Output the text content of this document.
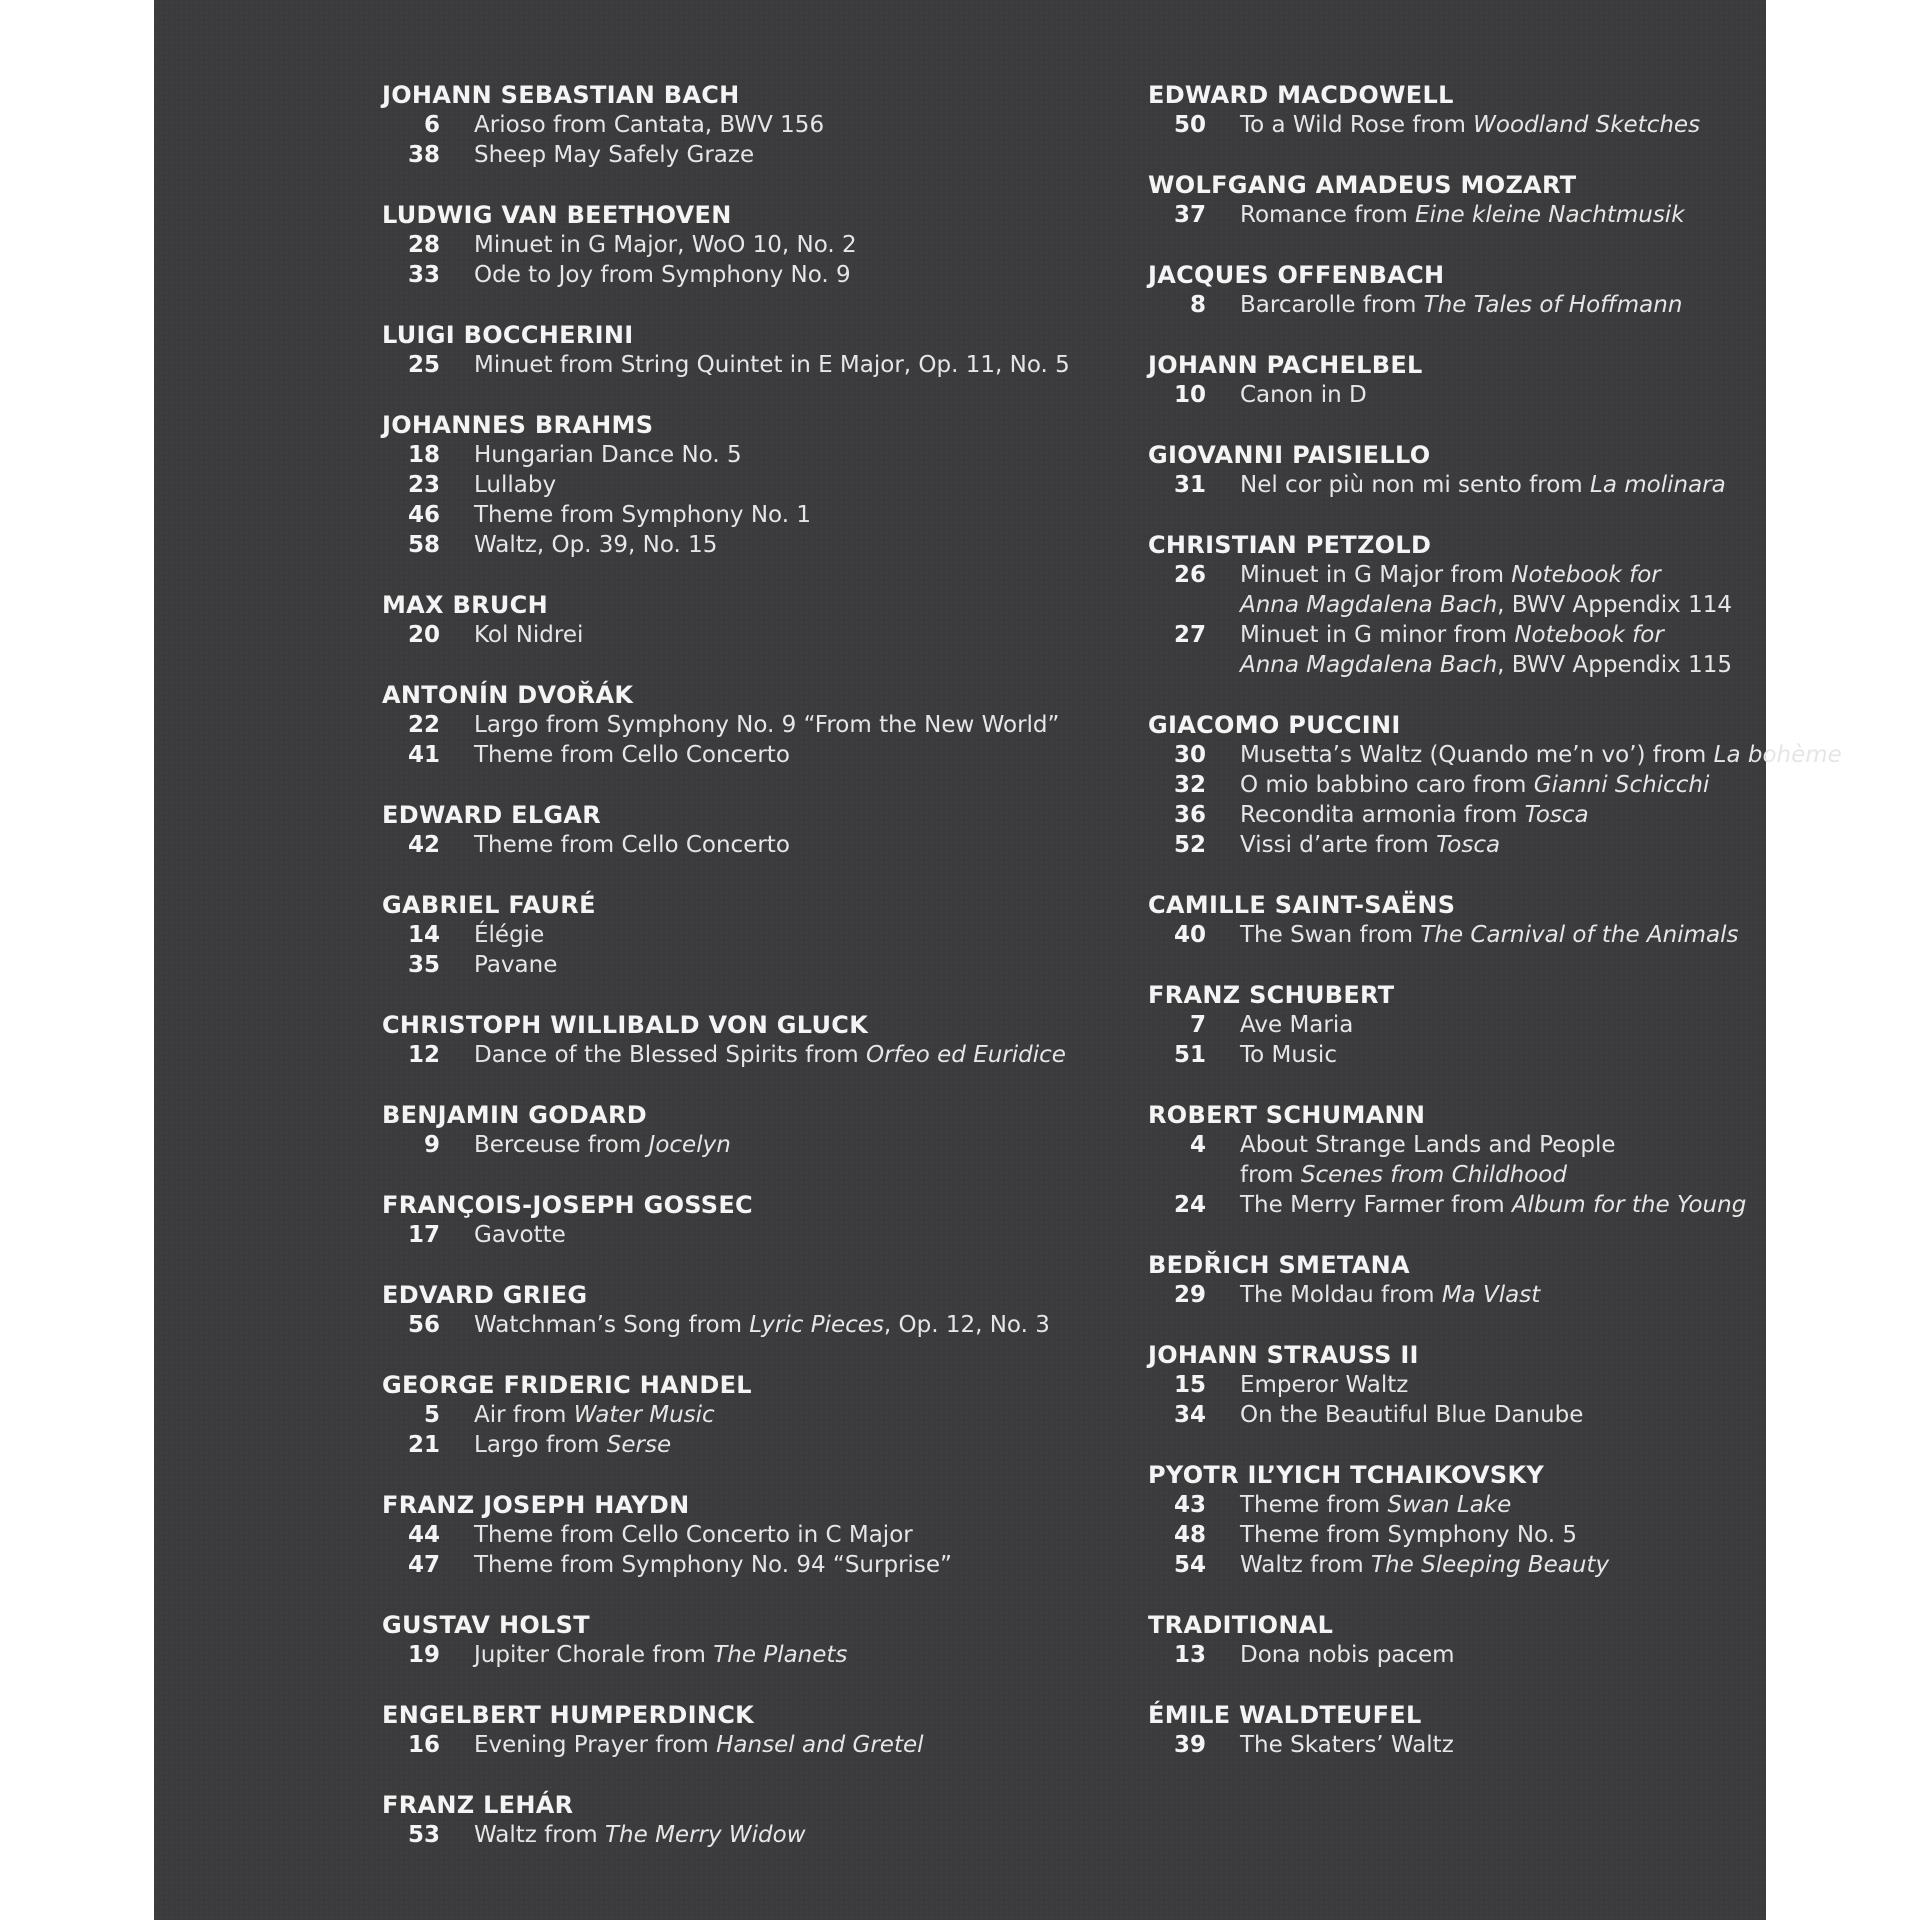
JOHANN SEBASTIAN BACH
6 Arioso from Cantata, BWV 156
38 Sheep May Safely Graze
LUDWIG VAN BEETHOVEN
28 Minuet in G Major, WoO 10, No. 2
33 Ode to Joy from Symphony No. 9
LUIGI BOCCHERINI
25 Minuet from String Quintet in E Major, Op. 11, No. 5
JOHANNES BRAHMS
18 Hungarian Dance No. 5
23 Lullaby
46 Theme from Symphony No. 1
58 Waltz, Op. 39, No. 15
MAX BRUCH
20 Kol Nidrei
ANTONÍN DVOŘÁK
22 Largo from Symphony No. 9 “From the New World”
41 Theme from Cello Concerto
EDWARD ELGAR
42 Theme from Cello Concerto
GABRIEL FAURÉ
14 Élégie
35 Pavane
CHRISTOPH WILLIBALD VON GLUCK
12 Dance of the Blessed Spirits from Orfeo ed Euridice
BENJAMIN GODARD
9 Berceuse from Jocelyn
FRANÇOIS-JOSEPH GOSSEC
17 Gavotte
EDVARD GRIEG
56 Watchman’s Song from Lyric Pieces, Op. 12, No. 3
GEORGE FRIDERIC HANDEL
5 Air from Water Music
21 Largo from Serse
FRANZ JOSEPH HAYDN
44 Theme from Cello Concerto in C Major
47 Theme from Symphony No. 94 “Surprise”
GUSTAV HOLST
19 Jupiter Chorale from The Planets
ENGELBERT HUMPERDINCK
16 Evening Prayer from Hansel and Gretel
FRANZ LEHÁR
53 Waltz from The Merry Widow
EDWARD MACDOWELL
50 To a Wild Rose from Woodland Sketches
WOLFGANG AMADEUS MOZART
37 Romance from Eine kleine Nachtmusik
JACQUES OFFENBACH
8 Barcarolle from The Tales of Hoffmann
JOHANN PACHELBEL
10 Canon in D
GIOVANNI PAISIELLO
31 Nel cor più non mi sento from La molinara
CHRISTIAN PETZOLD
26 Minuet in G Major from Notebook for
Anna Magdalena Bach, BWV Appendix 114
27 Minuet in G minor from Notebook for
Anna Magdalena Bach, BWV Appendix 115
GIACOMO PUCCINI
30 Musetta’s Waltz (Quando me’n vo’) from La bohème
32 O mio babbino caro from Gianni Schicchi
36 Recondita armonia from Tosca
52 Vissi d’arte from Tosca
CAMILLE SAINT-SAËNS
40 The Swan from The Carnival of the Animals
FRANZ SCHUBERT
7 Ave Maria
51 To Music
ROBERT SCHUMANN
4 About Strange Lands and People
from Scenes from Childhood
24 The Merry Farmer from Album for the Young
BEDŘICH SMETANA
29 The Moldau from Ma Vlast
JOHANN STRAUSS II
15 Emperor Waltz
34 On the Beautiful Blue Danube
PYOTR IL’YICH TCHAIKOVSKY
43 Theme from Swan Lake
48 Theme from Symphony No. 5
54 Waltz from The Sleeping Beauty
TRADITIONAL
13 Dona nobis pacem
ÉMILE WALDTEUFEL
39 The Skaters’ Waltz
